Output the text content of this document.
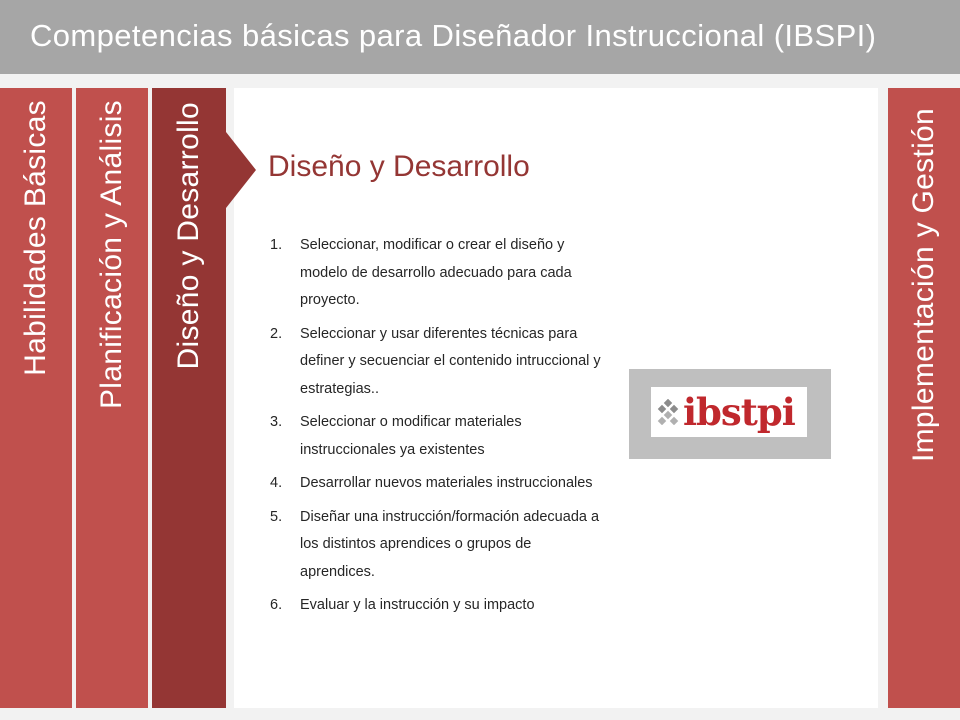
Competencias básicas para Diseñador Instruccional (IBSPI)
Habilidades Básicas Planificación y Análisis Diseño y Desarrollo Diseño y Desarrollo
1.	Seleccionar, modificar o crear el diseño y modelo de desarrollo adecuado para cada proyecto.
2.	Seleccionar y usar diferentes técnicas para definer y secuenciar el contenido intruccional y estrategias..
3.	Seleccionar o modificar materiales instruccionales ya existentes
4.	Desarrollar nuevos materiales instruccionales
5.	Diseñar una instrucción/formación adecuada a los distintos aprendices o grupos de aprendices.
6.	Evaluar y la instrucción y su impacto
ibstpi	Implementación y Gestión
